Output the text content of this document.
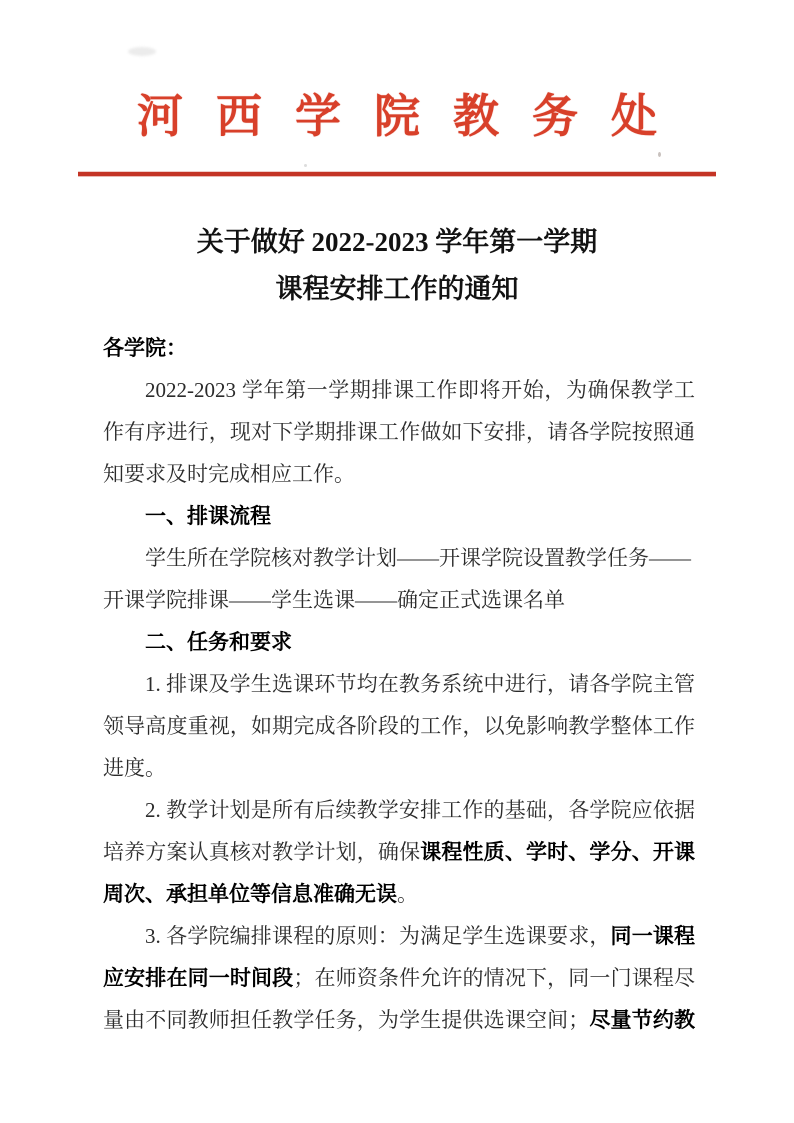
河西学院教务处
关于做好 2022-2023 学年第一学期
课程安排工作的通知
各学院：
2022-2023 学年第一学期排课工作即将开始，为确保教学工
作有序进行，现对下学期排课工作做如下安排，请各学院按照通
知要求及时完成相应工作。
一、排课流程
学生所在学院核对教学计划——开课学院设置教学任务——
开课学院排课——学生选课——确定正式选课名单
二、任务和要求
1. 排课及学生选课环节均在教务系统中进行，请各学院主管
领导高度重视，如期完成各阶段的工作，以免影响教学整体工作
进度。
2. 教学计划是所有后续教学安排工作的基础，各学院应依据
培养方案认真核对教学计划，确保课程性质、学时、学分、开课
周次、承担单位等信息准确无误。
3. 各学院编排课程的原则：为满足学生选课要求，同一课程
应安排在同一时间段；在师资条件允许的情况下，同一门课程尽
量由不同教师担任教学任务，为学生提供选课空间；尽量节约教
